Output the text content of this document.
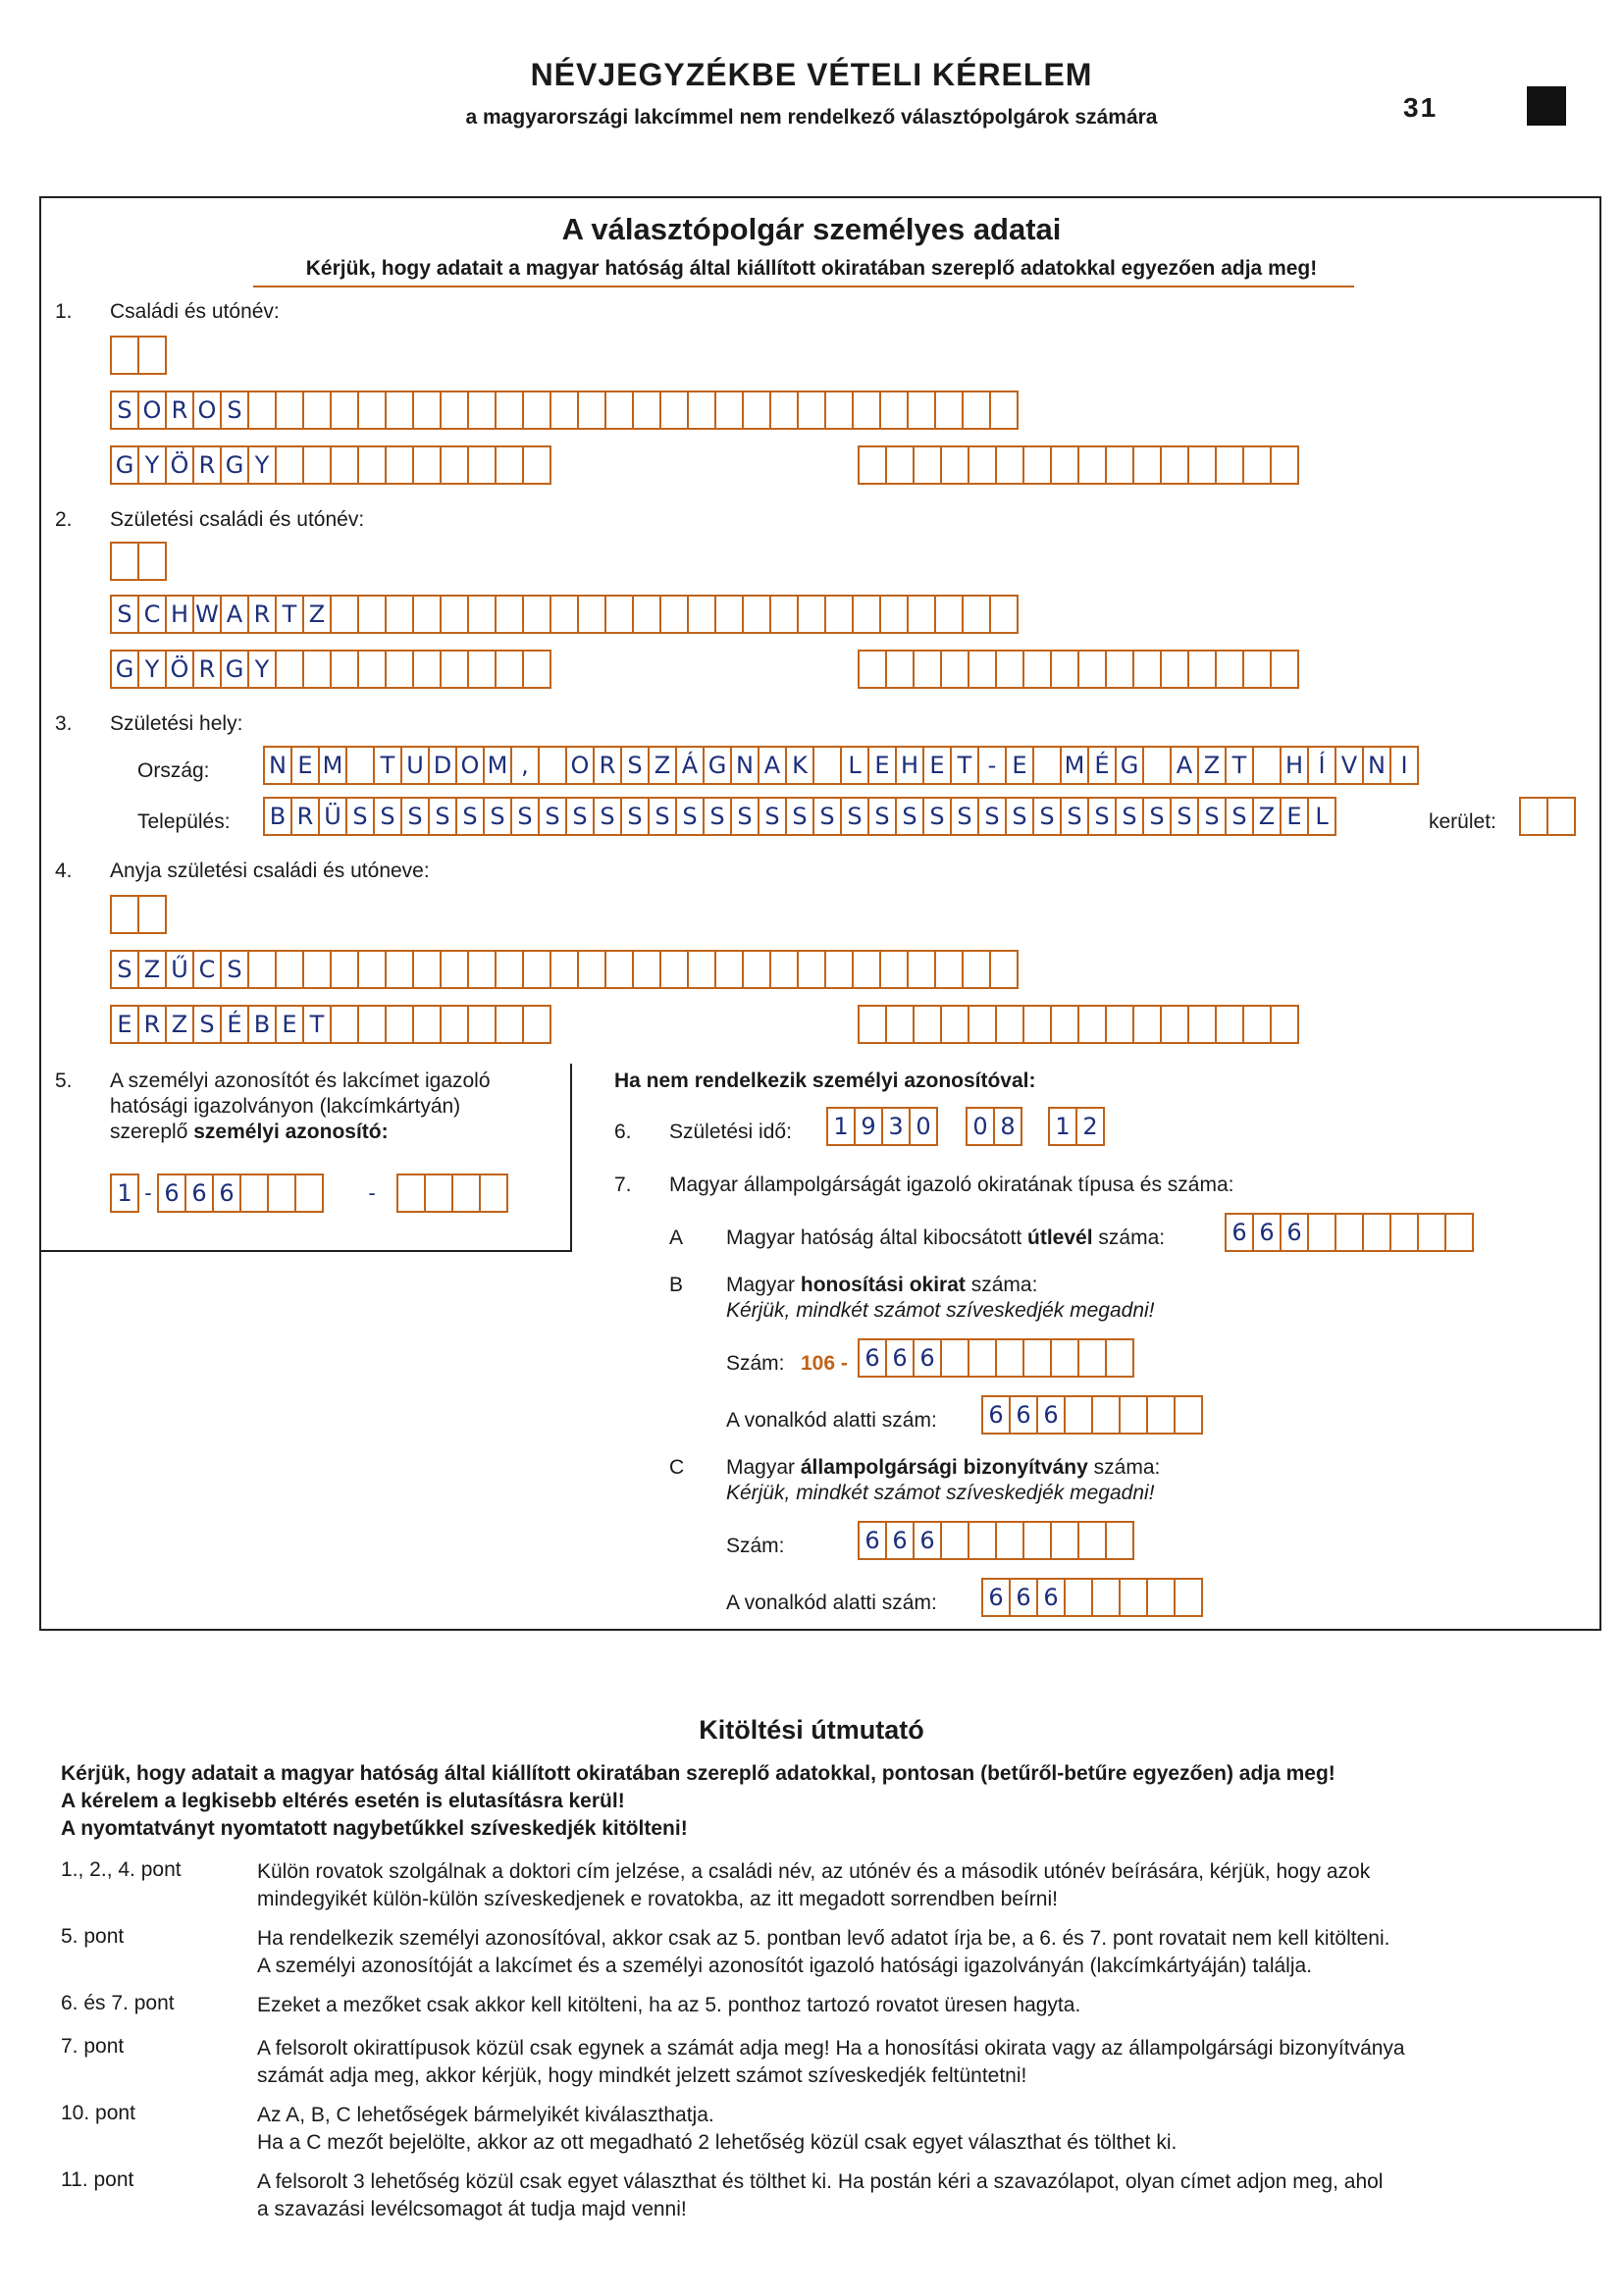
NÉVJEGYZÉKBE VÉTELI KÉRELEM
a magyarországi lakcímmel nem rendelkező választópolgárok számára	31
A választópolgár személyes adatai
Kérjük, hogy adatait a magyar hatóság által kiállított okiratában szereplő adatokkal egyezően adja meg!
1. Családi és utónév:
S O R O S
G Y Ö R G Y
2. Születési családi és utónév:
S C H W A R T Z
G Y Ö R G Y
3. Születési hely:
Ország:	N E M	T U D O M ,	O R S Z Á G N A K	L E H E T - E	M É G A Z T	H Í V N I
Település: B R Ü S S S S S S S S S S S S S S S S S S S S S S S S S S S S S S S S S Z E L	kerület:
4. Anyja születési családi és utóneve:
S Z Ű C S
E R Z S É B E T
5. A személyi azonosítót és lakcímet igazoló
hatósági igazolványon (lakcímkártyán)
szereplő személyi azonosító:
1 - 6 6 6	-
Ha nem rendelkezik személyi azonosítóval:
6. Születési idő:	1 9 3 0	0 8	1 2
7. Magyar állampolgárságát igazoló okiratának típusa és száma:
A Magyar hatóság által kibocsátott útlevél száma:	6 6 6
B Magyar honosítási okirat száma:
Kérjük, mindkét számot szíveskedjék megadni!
Szám: 106 - 6 6 6
A vonalkód alatti szám:	6 6 6
C Magyar állampolgársági bizonyítvány száma:
Kérjük, mindkét számot szíveskedjék megadni!
Szám:	6 6 6
A vonalkód alatti szám:	6 6 6
Kitöltési útmutató
Kérjük, hogy adatait a magyar hatóság által kiállított okiratában szereplő adatokkal, pontosan (betűről-betűre egyezően) adja meg!
A kérelem a legkisebb eltérés esetén is elutasításra kerül!
A nyomtatványt nyomtatott nagybetűkkel szíveskedjék kitölteni!
1., 2., 4. pont	Külön rovatok szolgálnak a doktori cím jelzése, a családi név, az utónév és a második utónév beírására, kérjük, hogy azok
mindegyikét külön-külön szíveskedjenek e rovatokba, az itt megadott sorrendben beírni!
5. pont	Ha rendelkezik személyi azonosítóval, akkor csak az 5. pontban levő adatot írja be, a 6. és 7. pont rovatait nem kell kitölteni.
A személyi azonosítóját a lakcímet és a személyi azonosítót igazoló hatósági igazolványán (lakcímkártyáján) találja.
6. és 7. pont	Ezeket a mezőket csak akkor kell kitölteni, ha az 5. ponthoz tartozó rovatot üresen hagyta.
7. pont	A felsorolt okirattípusok közül csak egynek a számát adja meg! Ha a honosítási okirata vagy az állampolgársági bizonyítványa
számát adja meg, akkor kérjük, hogy mindkét jelzett számot szíveskedjék feltüntetni!
10. pont	Az A, B, C lehetőségek bármelyikét kiválaszthatja.
Ha a C mezőt bejelölte, akkor az ott megadható 2 lehetőség közül csak egyet választhat és tölthet ki.
11. pont	A felsorolt 3 lehetőség közül csak egyet választhat és tölthet ki. Ha postán kéri a szavazólapot, olyan címet adjon meg, ahol
a szavazási levélcsomagot át tudja majd venni!
